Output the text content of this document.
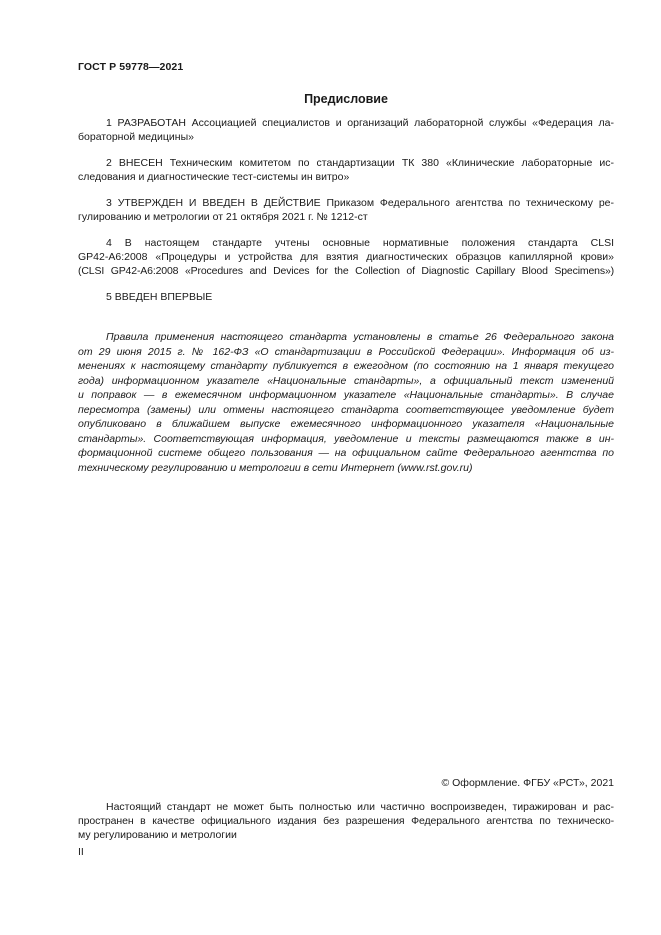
ГОСТ Р 59778—2021
Предисловие
1 РАЗРАБОТАН Ассоциацией специалистов и организаций лабораторной службы «Федерация ла-
бораторной медицины»
2 ВНЕСЕН Техническим комитетом по стандартизации ТК 380 «Клинические лабораторные ис-
следования и диагностические тест-системы ин витро»
3 УТВЕРЖДЕН И ВВЕДЕН В ДЕЙСТВИЕ Приказом Федерального агентства по техническому ре-
гулированию и метрологии от 21 октября 2021 г. № 1212-ст
4 В настоящем стандарте учтены основные нормативные положения стандарта CLSI
GP42-A6:2008 «Процедуры и устройства для взятия диагностических образцов капиллярной крови»
(CLSI GP42-A6:2008 «Procedures and Devices for the Collection of Diagnostic Capillary Blood Specimens»)
5 ВВЕДЕН ВПЕРВЫЕ
Правила применения настоящего стандарта установлены в статье 26 Федерального закона
от 29 июня 2015 г. № 162-ФЗ «О стандартизации в Российской Федерации». Информация об из-
менениях к настоящему стандарту публикуется в ежегодном (по состоянию на 1 января текущего
года) информационном указателе «Национальные стандарты», а официальный текст изменений
и поправок — в ежемесячном информационном указателе «Национальные стандарты». В случае
пересмотра (замены) или отмены настоящего стандарта соответствующее уведомление будет
опубликовано в ближайшем выпуске ежемесячного информационного указателя «Национальные
стандарты». Соответствующая информация, уведомление и тексты размещаются также в ин-
формационной системе общего пользования — на официальном сайте Федерального агентства по
техническому регулированию и метрологии в сети Интернет (www.rst.gov.ru)
© Оформление. ФГБУ «РСТ», 2021
Настоящий стандарт не может быть полностью или частично воспроизведен, тиражирован и рас-
пространен в качестве официального издания без разрешения Федерального агентства по техническо-
му регулированию и метрологии
II
